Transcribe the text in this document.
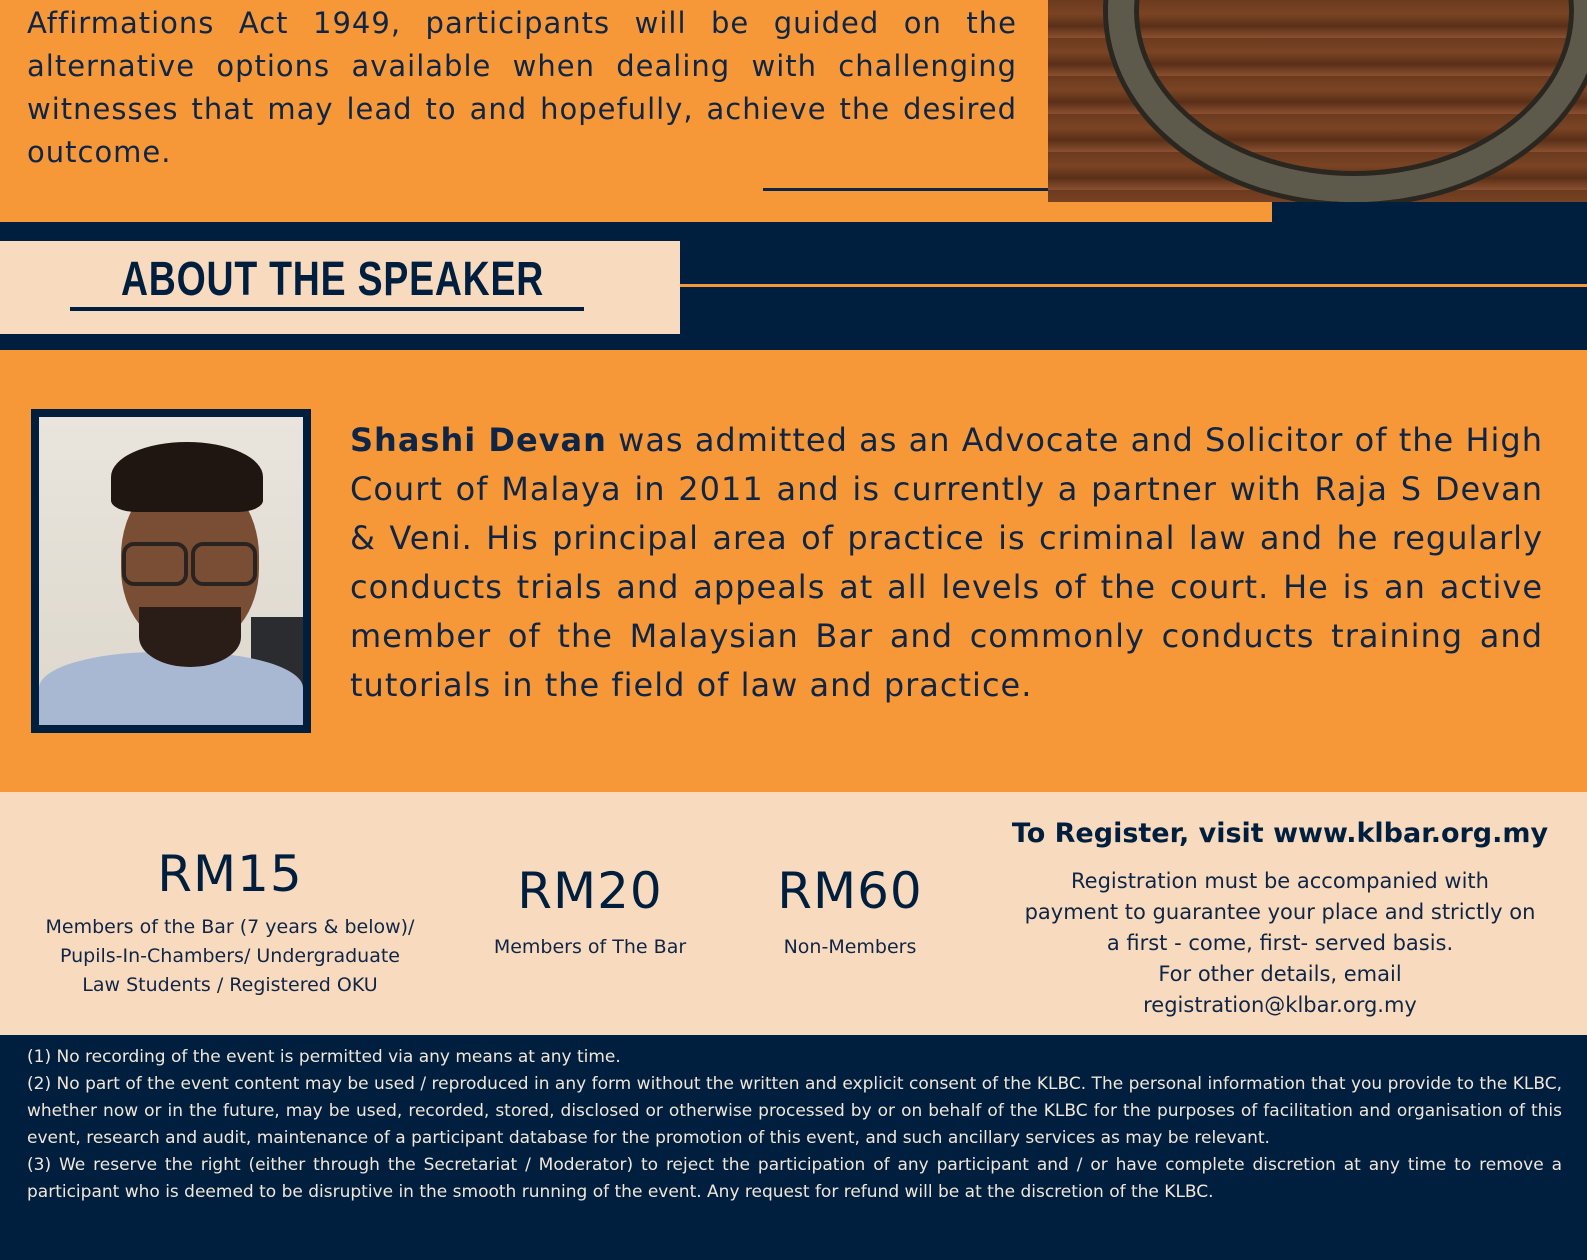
Affirmations Act 1949, participants will be guided on the alternative options available when dealing with challenging witnesses that may lead to and hopefully, achieve the desired outcome.

ABOUT THE SPEAKER

Shashi Devan was admitted as an Advocate and Solicitor of the High Court of Malaya in 2011 and is currently a partner with Raja S Devan & Veni. His principal area of practice is criminal law and he regularly conducts trials and appeals at all levels of the court. He is an active member of the Malaysian Bar and commonly conducts training and tutorials in the field of law and practice.

RM15

Members of the Bar (7 years & below)/
Pupils-In-Chambers/ Undergraduate
Law Students / Registered OKU

RM20

Members of The Bar

RM60

Non-Members

To Register, visit www.klbar.org.my

Registration must be accompanied with
payment to guarantee your place and strictly on
a first - come, first- served basis.
For other details, email
registration@klbar.org.my

(1) No recording of the event is permitted via any means at any time.

(2) No part of the event content may be used / reproduced in any form without the written and explicit consent of the KLBC. The personal information that you provide to the KLBC, whether now or in the future, may be used, recorded, stored, disclosed or otherwise processed by or on behalf of the KLBC for the purposes of facilitation and organisation of this event, research and audit, maintenance of a participant database for the promotion of this event, and such ancillary services as may be relevant.

(3) We reserve the right (either through the Secretariat / Moderator) to reject the participation of any participant and / or have complete discretion at any time to remove a participant who is deemed to be disruptive in the smooth running of the event. Any request for refund will be at the discretion of the KLBC.
